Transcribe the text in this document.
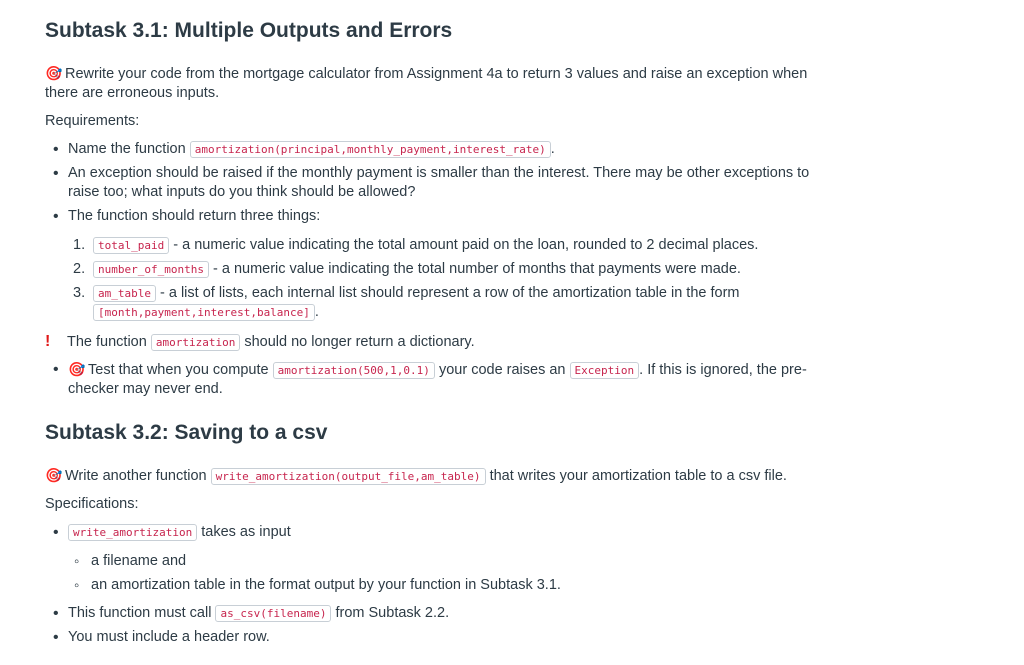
Subtask 3.1: Multiple Outputs and Errors

🎯 Rewrite your code from the mortgage calculator from Assignment 4a to return 3 values and raise an exception when there are erroneous inputs.

Requirements:

• Name the function amortization(principal,monthly_payment,interest_rate) .
• An exception should be raised if the monthly payment is smaller than the interest. There may be other exceptions to raise too; what inputs do you think should be allowed?
• The function should return three things:
1. total_paid - a numeric value indicating the total amount paid on the loan, rounded to 2 decimal places.
2. number_of_months - a numeric value indicating the total number of months that payments were made.
3. am_table - a list of lists, each internal list should represent a row of the amortization table in the form
[month,payment,interest,balance] .

! The function amortization should no longer return a dictionary.

• 🎯 Test that when you compute amortization(500,1,0.1) your code raises an Exception . If this is ignored, the pre-checker may never end.
Subtask 3.2: Saving to a csv

🎯 Write another function write_amortization(output_file,am_table) that writes your amortization table to a csv file.

Specifications:

• write_amortization takes as input
◦ a filename and
◦ an amortization table in the format output by your function in Subtask 3.1.
• This function must call as_csv(filename) from Subtask 2.2.
• You must include a header row.
